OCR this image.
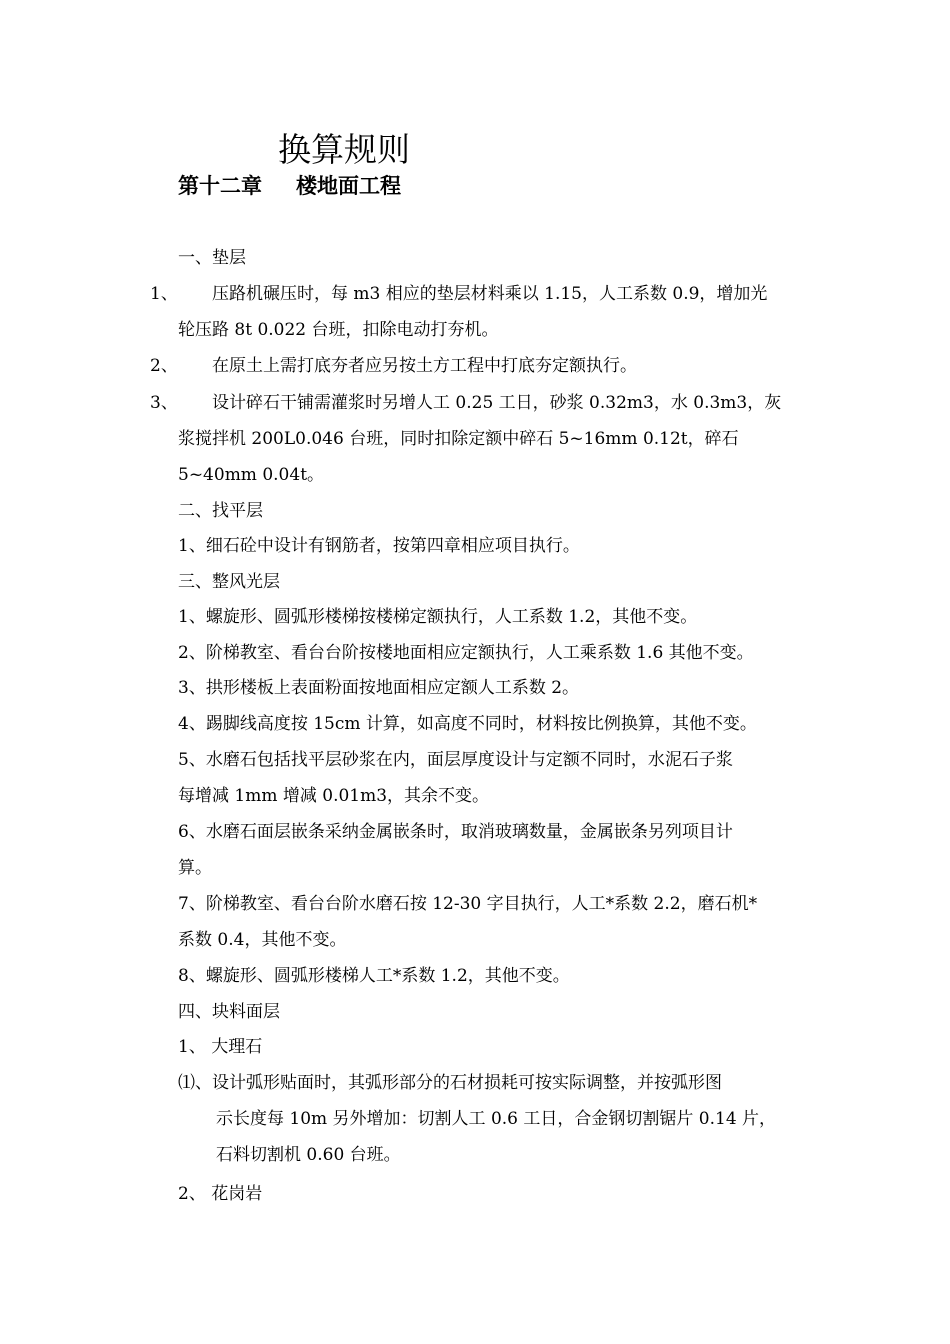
换算规则
第十二章 楼地面工程
一、垫层
1、 压路机碾压时，每 m3 相应的垫层材料乘以 1.15，人工系数 0.9，增加光
轮压路 8t 0.022 台班，扣除电动打夯机。
2、 在原土上需打底夯者应另按土方工程中打底夯定额执行。
3、 设计碎石干铺需灌浆时另增人工 0.25 工日，砂浆 0.32m3，水 0.3m3，灰
浆搅拌机 200L0.046 台班，同时扣除定额中碎石 5~16mm 0.12t，碎石
5~40mm 0.04t。
二、找平层
1、细石砼中设计有钢筋者，按第四章相应项目执行。
三、整风光层
1、螺旋形、圆弧形楼梯按楼梯定额执行，人工系数 1.2，其他不变。
2、阶梯教室、看台台阶按楼地面相应定额执行，人工乘系数 1.6 其他不变。
3、拱形楼板上表面粉面按地面相应定额人工系数 2。
4、踢脚线高度按 15cm 计算，如高度不同时，材料按比例换算，其他不变。
5、水磨石包括找平层砂浆在内，面层厚度设计与定额不同时，水泥石子浆
每增减 1mm 增减 0.01m3，其余不变。
6、水磨石面层嵌条采纳金属嵌条时，取消玻璃数量，金属嵌条另列项目计
算。
7、阶梯教室、看台台阶水磨石按 12-30 字目执行，人工*系数 2.2，磨石机*
系数 0.4，其他不变。
8、螺旋形、圆弧形楼梯人工*系数 1.2，其他不变。
四、块料面层
1、 大理石
⑴、设计弧形贴面时，其弧形部分的石材损耗可按实际调整，并按弧形图
示长度每 10m 另外增加：切割人工 0.6 工日，合金钢切割锯片 0.14 片，
石料切割机 0.60 台班。
2、 花岗岩
